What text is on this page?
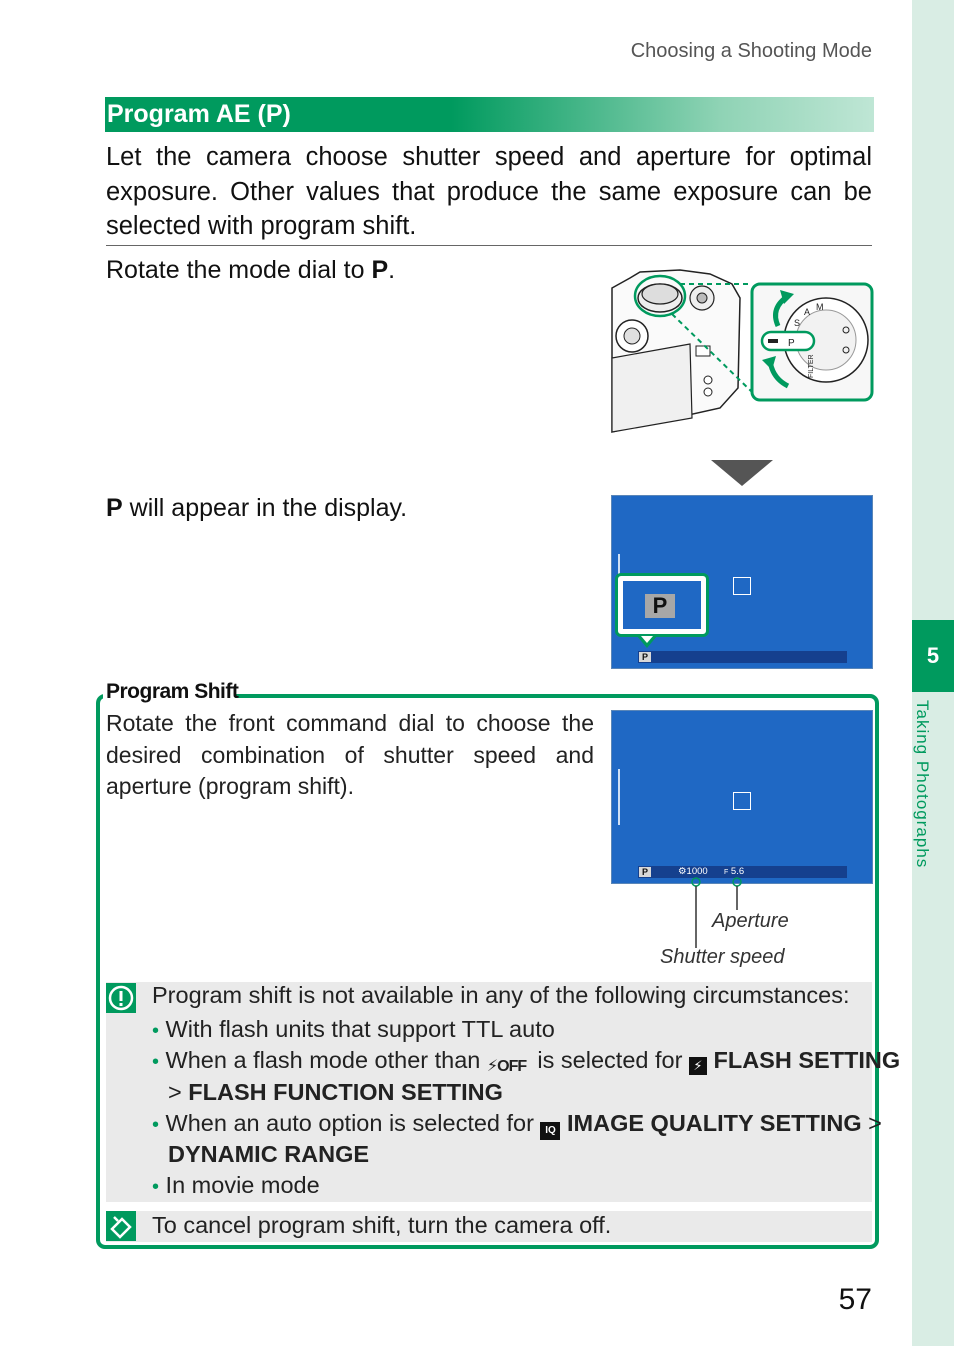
5
Taking Photographs
Choosing a Shooting Mode
Program AE (P)
Let the camera choose shutter speed and aperture for optimal exposure. Other values that produce the same exposure can be selected with program shift.
Rotate the mode dial to P.
S
A M
FILTER
P
P will appear in the display.
P
P
Program Shift
Rotate the front command dial to choose the desired combination of shutter speed and aperture (program shift).
P	⚙1000	F 5.6
Aperture
Shutter speed
Program shift is not available in any of the following circumstances:
• With flash units that support TTL auto
• When a flash mode other than ⚡OFF is selected for ⚡ FLASH SETTING
> FLASH FUNCTION SETTING
• When an auto option is selected for IQ IMAGE QUALITY SETTING >
DYNAMIC RANGE
• In movie mode
To cancel program shift, turn the camera off.
57
